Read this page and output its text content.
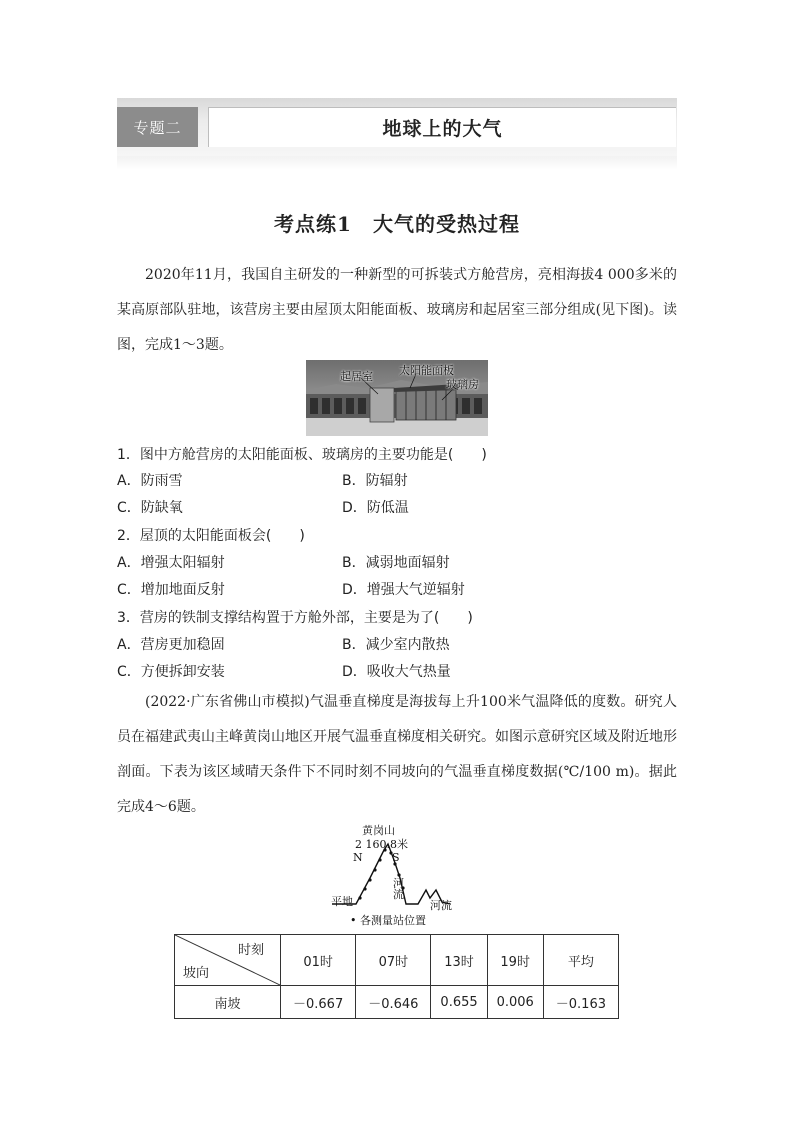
专题二	地球上的大气
考点练1　大气的受热过程
2020年11月，我国自主研发的一种新型的可拆装式方舱营房，亮相海拔4 000多米的某高原部队驻地，该营房主要由屋顶太阳能面板、玻璃房和起居室三部分组成(见下图)。读图，完成1～3题。
起居室 太阳能面板
玻璃房
1．图中方舱营房的太阳能面板、玻璃房的主要功能是(　　)
A．防雨雪	B．防辐射
C．防缺氧	D．防低温
2．屋顶的太阳能面板会(　　)
A．增强太阳辐射	B．减弱地面辐射
C．增加地面反射	D．增强大气逆辐射
3．营房的铁制支撑结构置于方舱外部，主要是为了(　　)
A．营房更加稳固	B．减少室内散热
C．方便拆卸安装	D．吸收大气热量
(2022·广东省佛山市模拟)气温垂直梯度是海拔每上升100米气温降低的度数。研究人员在福建武夷山主峰黄岗山地区开展气温垂直梯度相关研究。如图示意研究区域及附近地形剖面。下表为该区域晴天条件下不同时刻不同坡向的气温垂直梯度数据(℃/100 m)。据此完成4～6题。
黄岗山
2 160.8米
N	S
平地
河流
河流
• 各测量站位置
时刻
坡向	01时	07时	13时	19时	平均
南坡	－0.667	－0.646	0.655	0.006	－0.163
